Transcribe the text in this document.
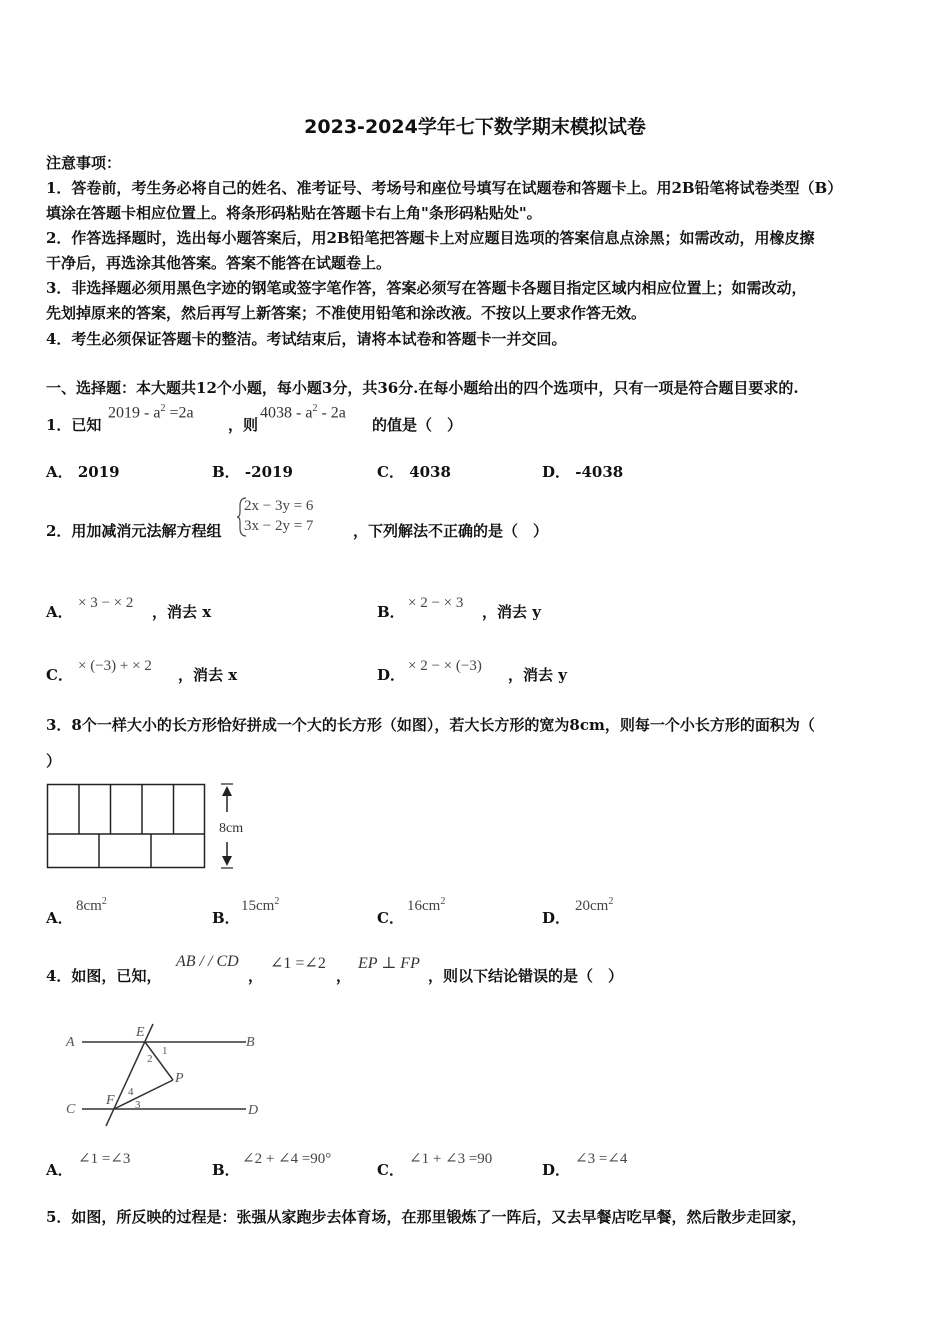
2023-2024学年七下数学期末模拟试卷
注意事项：
1．答卷前，考生务必将自己的姓名、准考证号、考场号和座位号填写在试题卷和答题卡上。用2B铅笔将试卷类型（B）
填涂在答题卡相应位置上。将条形码粘贴在答题卡右上角"条形码粘贴处"。
2．作答选择题时，选出每小题答案后，用2B铅笔把答题卡上对应题目选项的答案信息点涂黑；如需改动，用橡皮擦
干净后，再选涂其他答案。答案不能答在试题卷上。
3．非选择题必须用黑色字迹的钢笔或签字笔作答，答案必须写在答题卡各题目指定区域内相应位置上；如需改动，
先划掉原来的答案，然后再写上新答案；不准使用铅笔和涂改液。不按以上要求作答无效。
4．考生必须保证答题卡的整洁。考试结束后，请将本试卷和答题卡一并交回。
一、选择题：本大题共12个小题，每小题3分，共36分.在每小题给出的四个选项中，只有一项是符合题目要求的.
1．已知
$2019 - a^2 =2a$
，则
$4038 - a^2 - 2a$
的值是（　）
A． 2019	B． -2019	C． 4038	D． -4038
2．用加减消元法解方程组
2x − 3y = 6
3x − 2y = 7	，下列解法不正确的是（　）
A． × 3 − × 2 ，消去 x	B． × 2 − × 3 ，消去 y
C． × (−3) + × 2 ，消去 x	D． × 2 − × (−3) ，消去 y
3．8个一样大小的长方形恰好拼成一个大的长方形（如图），若大长方形的宽为8cm，则每一个小长方形的面积为（
）
8cm
A．
$8cm^2$
B．
$15cm^2$
C．
$16cm^2$
D．
$20cm^2$
4．如图，已知，
AB / / CD
，
∠1 =∠2
，
EP ⊥ FP
，则以下结论错误的是（　）
A	B
C	D
E
F
P
1
2
3
4
A．
∠1 =∠3
B．
∠2 + ∠4 =90°
C．
∠1 + ∠3 =90
D．
∠3 =∠4
5．如图，所反映的过程是：张强从家跑步去体育场，在那里锻炼了一阵后，又去早餐店吃早餐，然后散步走回家，
